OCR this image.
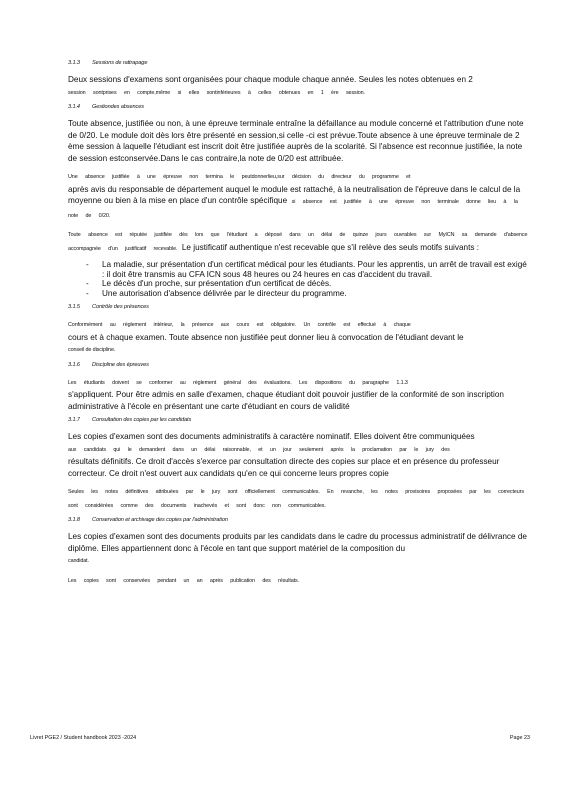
3.1.3 Sessions de rattrapage
Deux sessions d'examens sont organisées pour chaque module chaque année. Seules les notes obtenues en 2
session sontprises en compte,même si elles sontinférieures à celles obtenues en 1 ère session.
3.1.4 Gestiondes absences
Toute absence, justifiée ou non, à une épreuve terminale entraîne la défaillance au module concerné et l'attribution d'une note de 0/20. Le module doit dès lors être présenté en session,si celle -ci est prévue.Toute absence à une épreuve terminale de 2 ème session à laquelle l'étudiant est inscrit doit être justifiée auprès de la scolarité. Si l'absence est reconnue justifiée, la note de session estconservée.Dans le cas contraire,la note de 0/20 est attribuée.
Une absence justifiée à une épreuve non termina le peutdonnerlieu,sur décision du directeur du programme et
après avis du responsable de département auquel le module est rattaché, à la neutralisation de l'épreuve dans le calcul de la moyenne ou bien à la mise en place d'un contrôle spécifique si absence est justifiée à une épreuve non terminale donne lieu à la note de 0/20.
Toute absence est réputée justifiée dès lors que l'étudiant a déposé dans un délai de quinze jours ouvrables sur MyICN sa demande d'absence accompagnée d'un justificatif recevable. Le justificatif authentique n'est recevable que s'il relève des seuls motifs suivants :
- La maladie, sur présentation d'un certificat médical pour les étudiants. Pour les apprentis, un arrêt de travail est exigé : il doit être transmis au CFA ICN sous 48 heures ou 24 heures en cas d'accident du travail.
- Le décès d'un proche, sur présentation d'un certificat de décès.
- Une autorisation d'absence délivrée par le directeur du programme.
3.1.5 Contrôle des présences
Conformément au règlement intérieur, la présence aux cours est obligatoire. Un contrôle est effectué à chaque
cours et à chaque examen. Toute absence non justifiée peut donner lieu à convocation de l'étudiant devant le
conseil de discipline.
3.1.6 Discipline des épreuves
Les étudiants doivent se conformer au règlement général des évaluations. Les dispositions du paragraphe 1.1.3
s'appliquent. Pour être admis en salle d'examen, chaque étudiant doit pouvoir justifier de la conformité de son inscription administrative à l'école en présentant une carte d'étudiant en cours de validité
3.1.7 Consultation des copies par les candidats
Les copies d'examen sont des documents administratifs à caractère nominatif. Elles doivent être communiquées
aux candidats qui le demandent dans un délai raisonnable, et un jour seulement après la proclamation par le jury des
résultats définitifs. Ce droit d'accès s'exerce par consultation directe des copies sur place et en présence du professeur correcteur. Ce droit n'est ouvert aux candidats qu'en ce qui concerne leurs propres copie
Seules les notes définitives attribuées par le jury sont officiellement communicables. En revanche, les notes provisoires proposées par les correcteurs sont considérées comme des documents inachevés et sont donc non communicables.
3.1.8 Conservation et archivage des copies par l'administration
Les copies d'examen sont des documents produits par les candidats dans le cadre du processus administratif de délivrance de diplôme. Elles appartiennent donc à l'école en tant que support matériel de la composition du
candidat.
Les copies sont conservées pendant un an après publication des résultats.
Livret PGE2 / Student handbook 2023 -2024	Page 23
